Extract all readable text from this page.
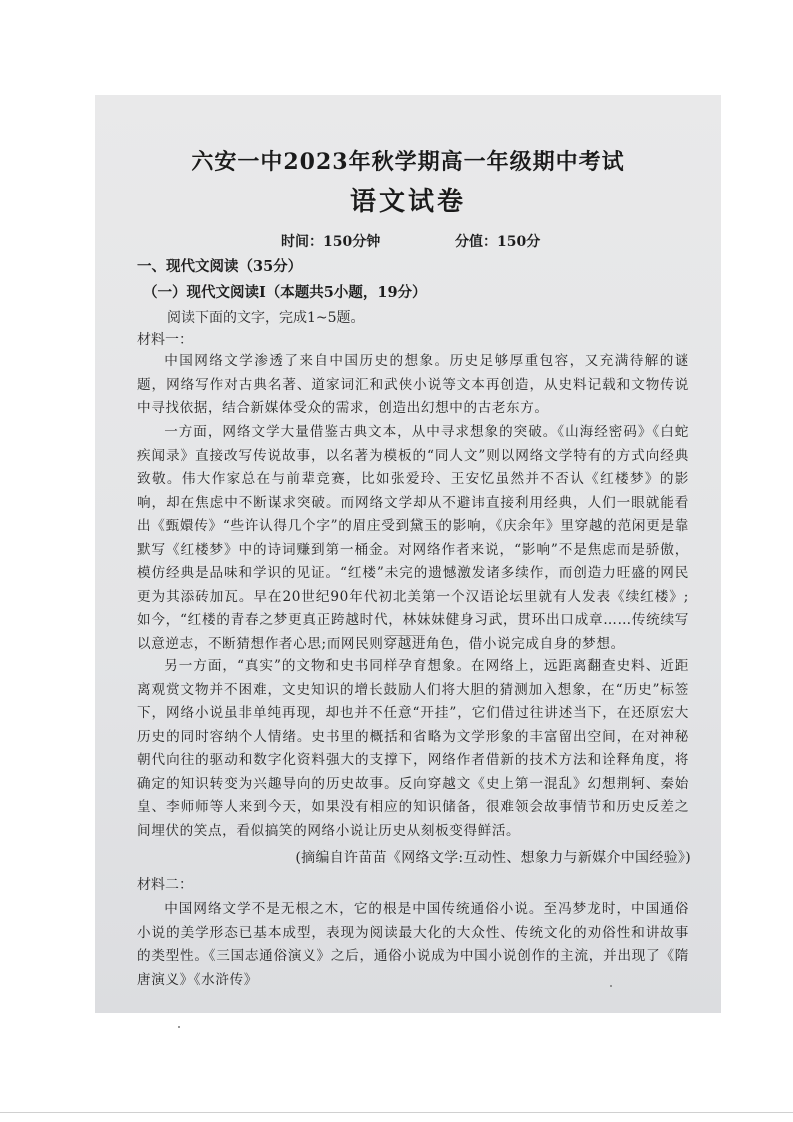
六安一中2023年秋学期高一年级期中考试
语文试卷
时间：150分钟	分值：150分

一、现代文阅读（35分）

（一）现代文阅读Ⅰ（本题共5小题，19分）

阅读下面的文字，完成1~5题。
材料一：

中国网络文学渗透了来自中国历史的想象。历史足够厚重包容，又充满待解的谜题，网络写作对古典名著、道家词汇和武侠小说等文本再创造，从史料记载和文物传说中寻找依据，结合新媒体受众的需求，创造出幻想中的古老东方。

一方面，网络文学大量借鉴古典文本，从中寻求想象的突破。《山海经密码》《白蛇疾闻录》直接改写传说故事，以名著为模板的“同人文”则以网络文学特有的方式向经典致敬。伟大作家总在与前辈竞赛，比如张爱玲、王安忆虽然并不否认《红楼梦》的影响，却在焦虑中不断谋求突破。而网络文学却从不避讳直接利用经典，人们一眼就能看出《甄嬛传》“些许认得几个字”的眉庄受到黛玉的影响，《庆余年》里穿越的范闲更是靠默写《红楼梦》中的诗词赚到第一桶金。对网络作者来说，“影响”不是焦虑而是骄傲，模仿经典是品味和学识的见证。“红楼”未完的遗憾激发诸多续作，而创造力旺盛的网民更为其添砖加瓦。早在20世纪90年代初北美第一个汉语论坛里就有人发表《续红楼》;如今，“红楼的青春之梦更真正跨越时代，林妹妹健身习武，贯环出口成章……传统续写以意逆志，不断猜想作者心思;而网民则穿越进角色，借小说完成自身的梦想。

另一方面，“真实”的文物和史书同样孕育想象。在网络上，远距离翻查史料、近距离观赏文物并不困难，文史知识的增长鼓励人们将大胆的猜测加入想象，在“历史”标签下，网络小说虽非单纯再现，却也并不任意“开挂”，它们借过往讲述当下，在还原宏大历史的同时容纳个人情绪。史书里的概括和省略为文学形象的丰富留出空间，在对神秘朝代向往的驱动和数字化资料强大的支撑下，网络作者借新的技术方法和诠释角度，将确定的知识转变为兴趣导向的历史故事。反向穿越文《史上第一混乱》幻想荆轲、秦始皇、李师师等人来到今天，如果没有相应的知识储备，很难领会故事情节和历史反差之间埋伏的笑点，看似搞笑的网络小说让历史从刻板变得鲜活。

(摘编自许苗苗《网络文学:互动性、想象力与新媒介中国经验》)
材料二：

中国网络文学不是无根之木，它的根是中国传统通俗小说。至冯梦龙时，中国通俗小说的美学形态已基本成型，表现为阅读最大化的大众性、传统文化的劝俗性和讲故事的类型性。《三国志通俗演义》之后，通俗小说成为中国小说创作的主流，并出现了《隋唐演义》《水浒传》
